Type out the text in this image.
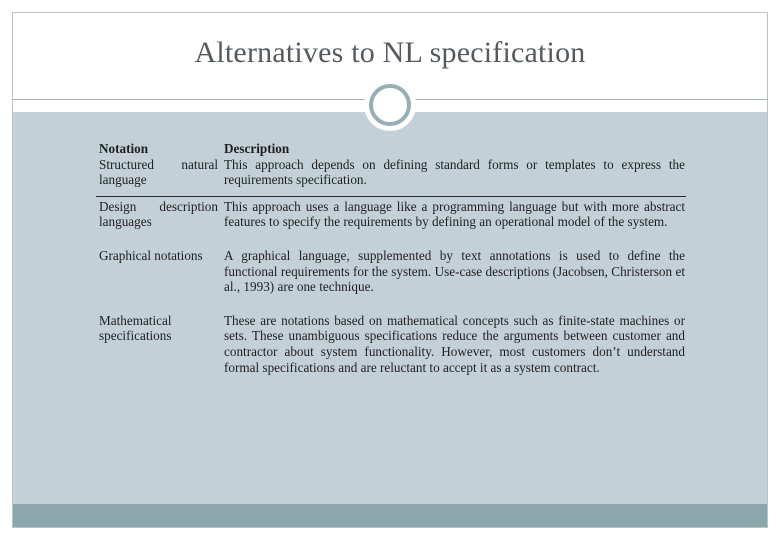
Alternatives to NL specification
Notation	Description
Structured natural language
This approach depends on defining standard forms or templates to express the requirements specification.
Design description languages
This approach uses a language like a programming language but with more abstract features to specify the requirements by defining an operational model of the system.
Graphical notations	A graphical language, supplemented by text annotations is used to define the functional requirements for the system. Use-case descriptions (Jacobsen, Christerson et al., 1993) are one technique.
Mathematical specifications
These are notations based on mathematical concepts such as finite-state machines or sets. These unambiguous specifications reduce the arguments between customer and contractor about system functionality. However, most customers don’t understand formal specifications and are reluctant to accept it as a system contract.
